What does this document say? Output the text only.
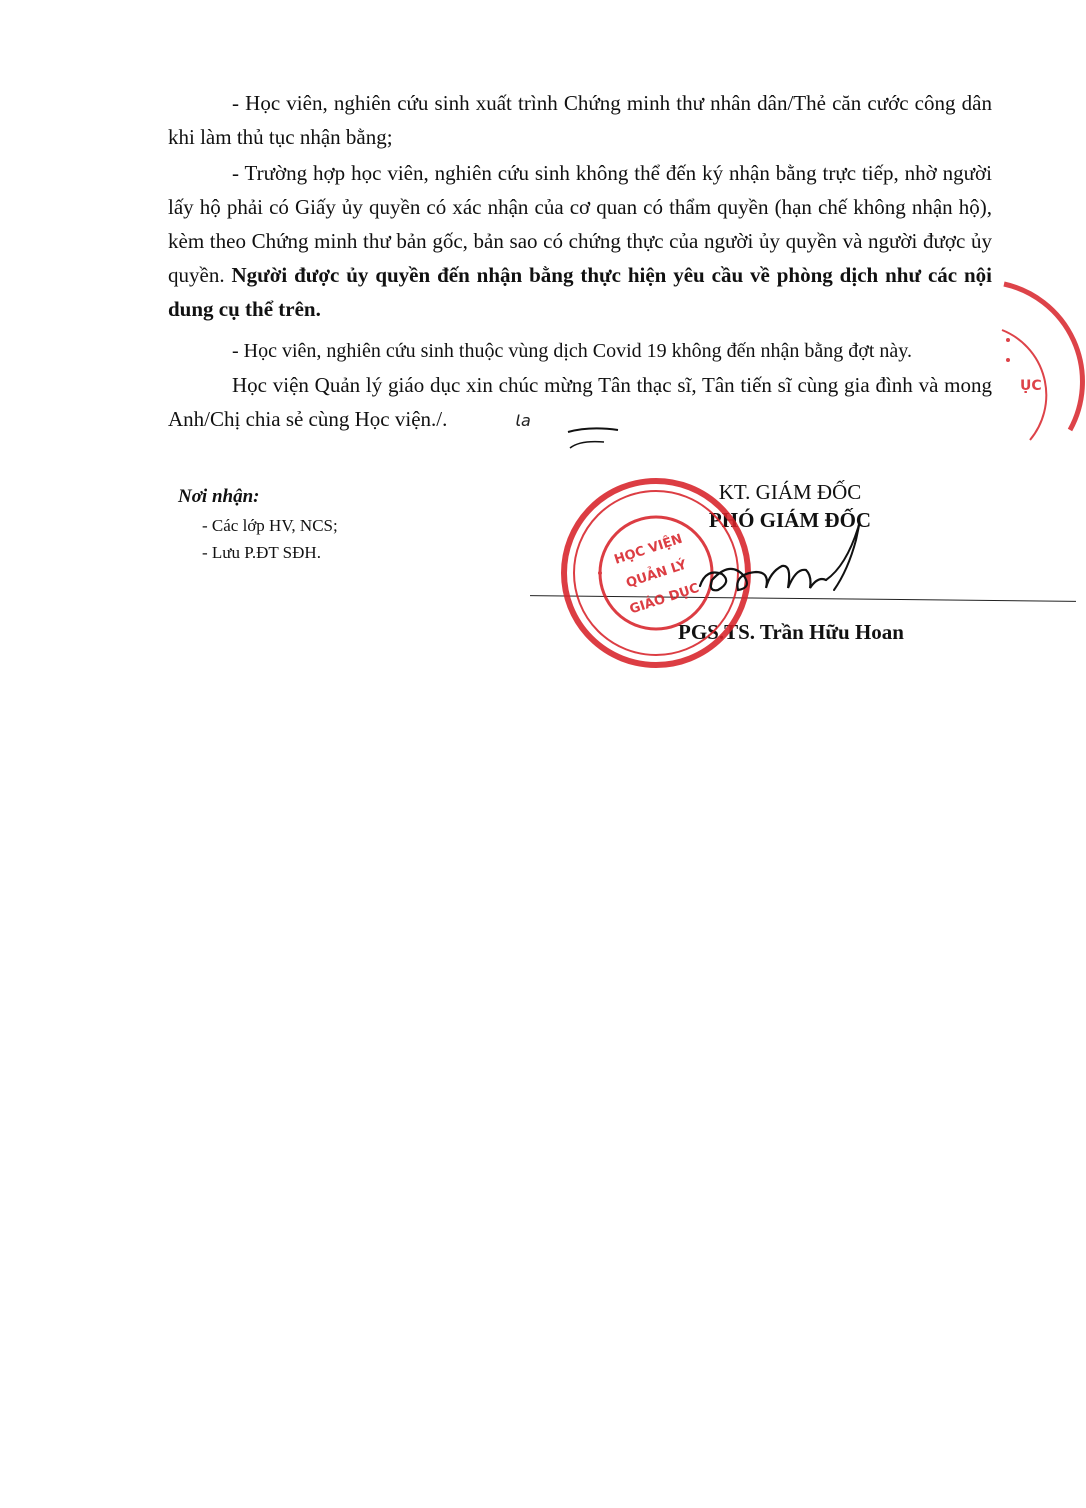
- Học viên, nghiên cứu sinh xuất trình Chứng minh thư nhân dân/Thẻ căn cước công dân khi làm thủ tục nhận bằng;

- Trường hợp học viên, nghiên cứu sinh không thể đến ký nhận bằng trực tiếp, nhờ người lấy hộ phải có Giấy ủy quyền có xác nhận của cơ quan có thẩm quyền (hạn chế không nhận hộ), kèm theo Chứng minh thư bản gốc, bản sao có chứng thực của người ủy quyền và người được ủy quyền. Người được ủy quyền đến nhận bằng thực hiện yêu cầu về phòng dịch như các nội dung cụ thể trên.

- Học viên, nghiên cứu sinh thuộc vùng dịch Covid 19 không đến nhận bằng đợt này.

Học viện Quản lý giáo dục xin chúc mừng Tân thạc sĩ, Tân tiến sĩ cùng gia đình và mong Anh/Chị chia sẻ cùng Học viện./.	Ɩa

Nơi nhận:
- Các lớp HV, NCS;
- Lưu P.ĐT SĐH.
KT. GIÁM ĐỐC
PHÓ GIÁM ĐỐC
PGS.TS. Trần Hữu Hoan
HỌC VIỆN
QUẢN LÝ
GIÁO DỤC
ỤC
